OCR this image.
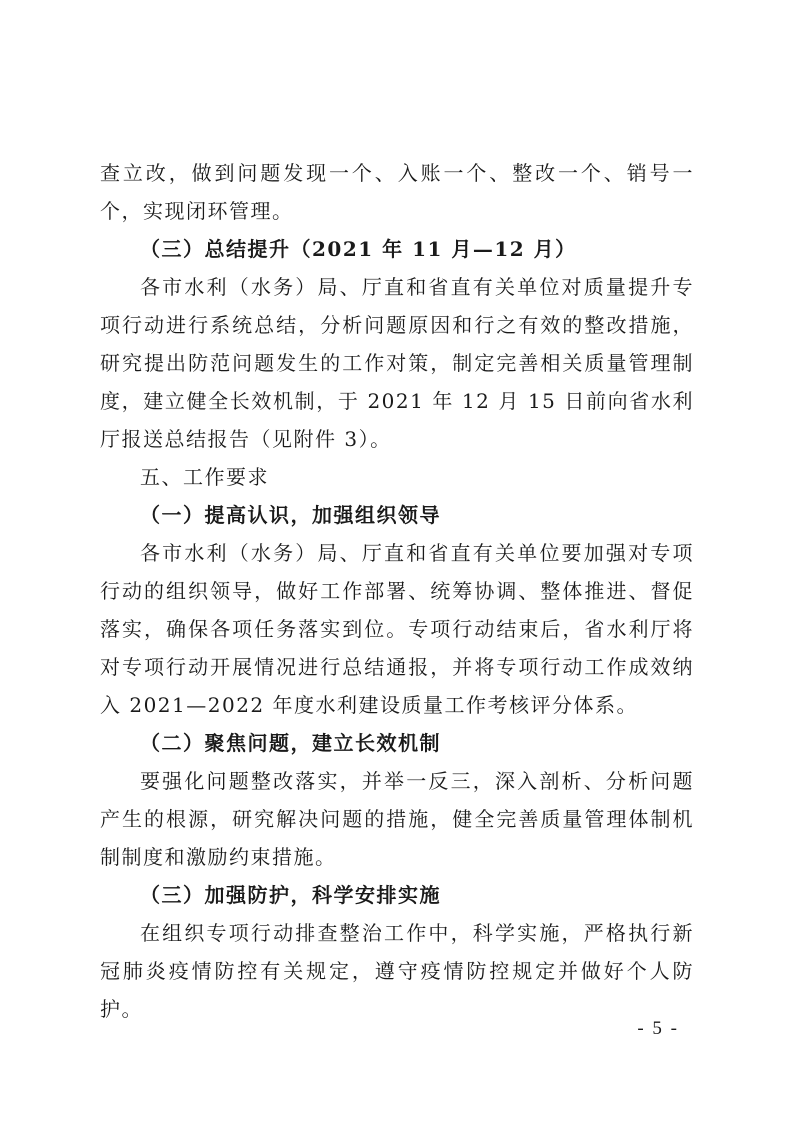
查立改，做到问题发现一个、入账一个、整改一个、销号一个，实现闭环管理。

（三）总结提升（2021 年 11 月—12 月）

各市水利（水务）局、厅直和省直有关单位对质量提升专项行动进行系统总结，分析问题原因和行之有效的整改措施，研究提出防范问题发生的工作对策，制定完善相关质量管理制度，建立健全长效机制，于 2021 年 12 月 15 日前向省水利厅报送总结报告（见附件 3）。

五、工作要求

（一）提高认识，加强组织领导

各市水利（水务）局、厅直和省直有关单位要加强对专项行动的组织领导，做好工作部署、统筹协调、整体推进、督促落实，确保各项任务落实到位。专项行动结束后，省水利厅将对专项行动开展情况进行总结通报，并将专项行动工作成效纳入 2021—2022 年度水利建设质量工作考核评分体系。

（二）聚焦问题，建立长效机制

要强化问题整改落实，并举一反三，深入剖析、分析问题产生的根源，研究解决问题的措施，健全完善质量管理体制机制制度和激励约束措施。

（三）加强防护，科学安排实施

在组织专项行动排查整治工作中，科学实施，严格执行新冠肺炎疫情防控有关规定，遵守疫情防控规定并做好个人防护。

- 5 -
